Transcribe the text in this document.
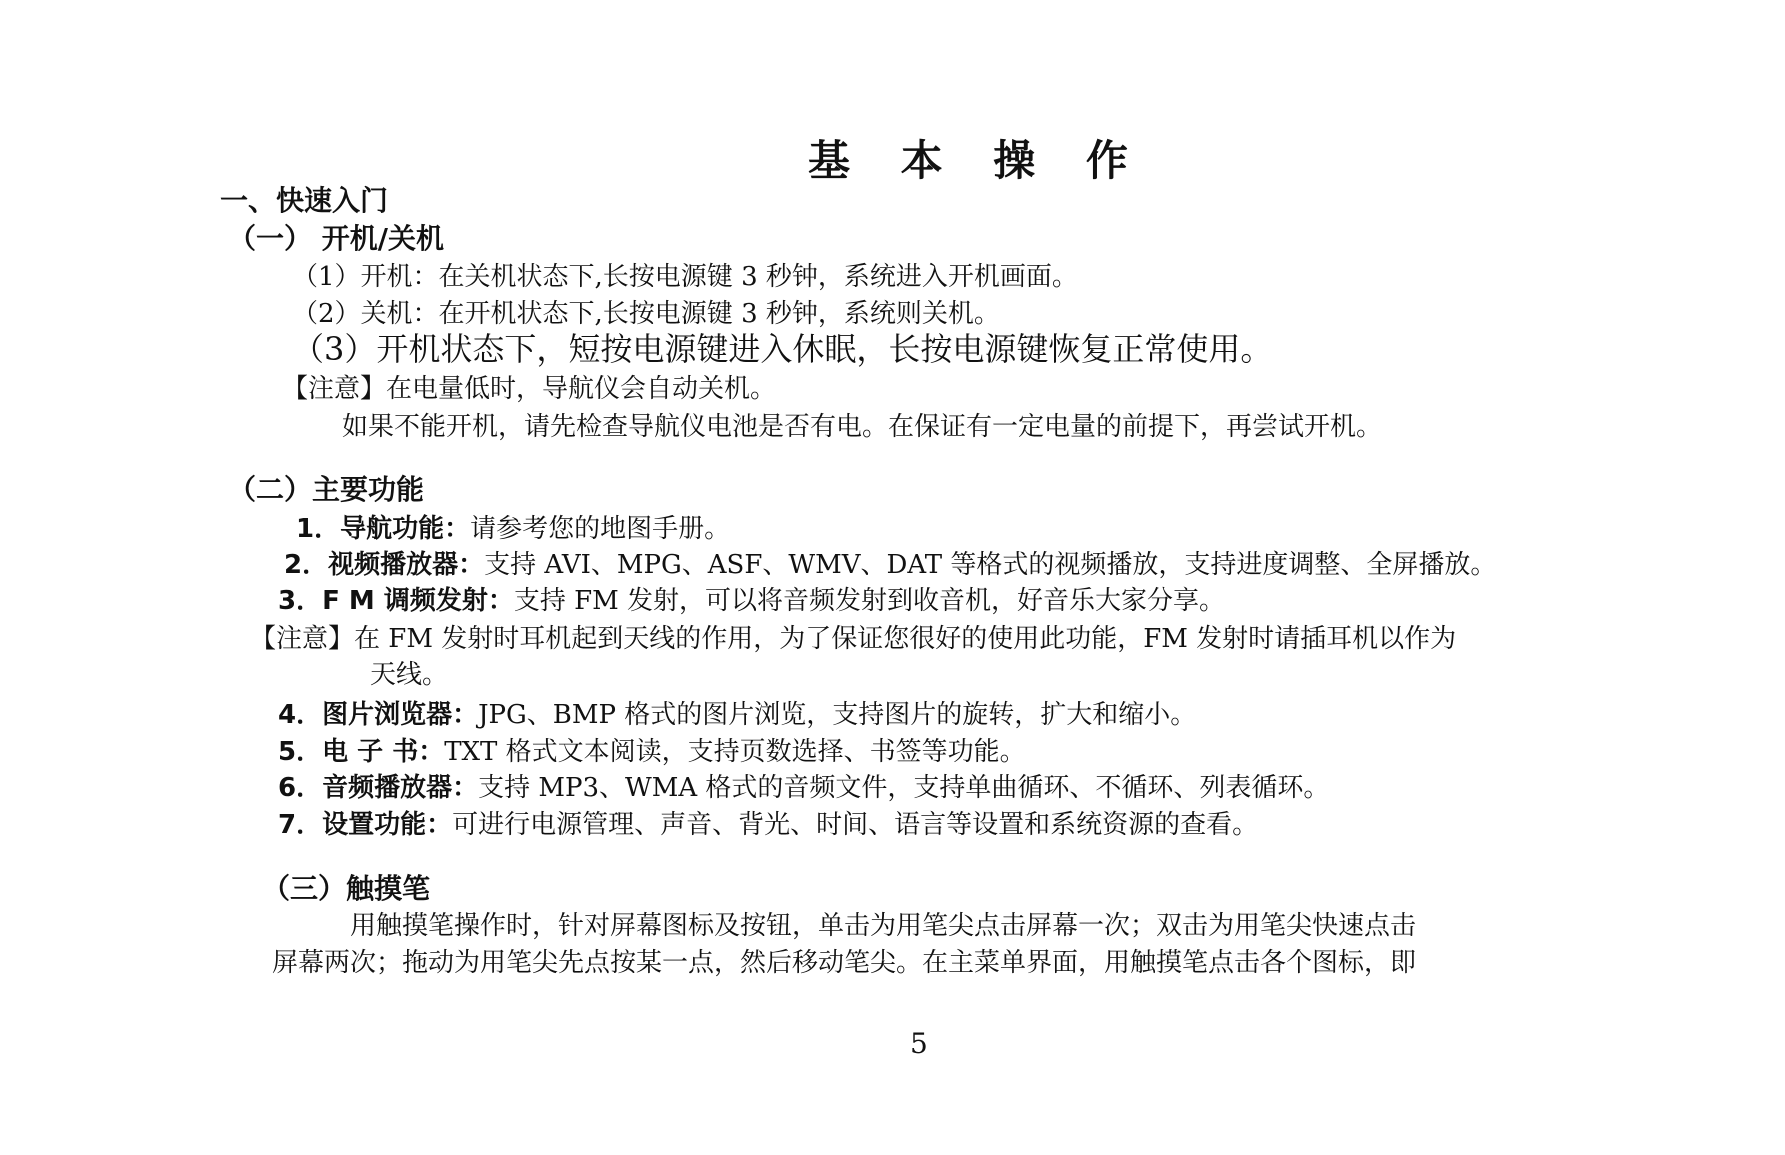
基 本 操 作
一、快速入门
（一） 开机/关机
（1）开机：在关机状态下,长按电源键 3 秒钟，系统进入开机画面。
（2）关机：在开机状态下,长按电源键 3 秒钟，系统则关机。
（3）开机状态下，短按电源键进入休眠，长按电源键恢复正常使用。
【注意】在电量低时，导航仪会自动关机。
如果不能开机，请先检查导航仪电池是否有电。在保证有一定电量的前提下，再尝试开机。
（二）主要功能
1．导航功能：请参考您的地图手册。
2．视频播放器：支持 AVI、MPG、ASF、WMV、DAT 等格式的视频播放，支持进度调整、全屏播放。
3．F M 调频发射：支持 FM 发射，可以将音频发射到收音机，好音乐大家分享。
【注意】在 FM 发射时耳机起到天线的作用，为了保证您很好的使用此功能，FM 发射时请插耳机以作为
天线。
4．图片浏览器：JPG、BMP 格式的图片浏览，支持图片的旋转，扩大和缩小。
5．电 子 书：TXT 格式文本阅读，支持页数选择、书签等功能。
6．音频播放器：支持 MP3、WMA 格式的音频文件，支持单曲循环、不循环、列表循环。
7．设置功能：可进行电源管理、声音、背光、时间、语言等设置和系统资源的查看。
（三）触摸笔
用触摸笔操作时，针对屏幕图标及按钮，单击为用笔尖点击屏幕一次；双击为用笔尖快速点击
屏幕两次；拖动为用笔尖先点按某一点，然后移动笔尖。在主菜单界面，用触摸笔点击各个图标，即
5
